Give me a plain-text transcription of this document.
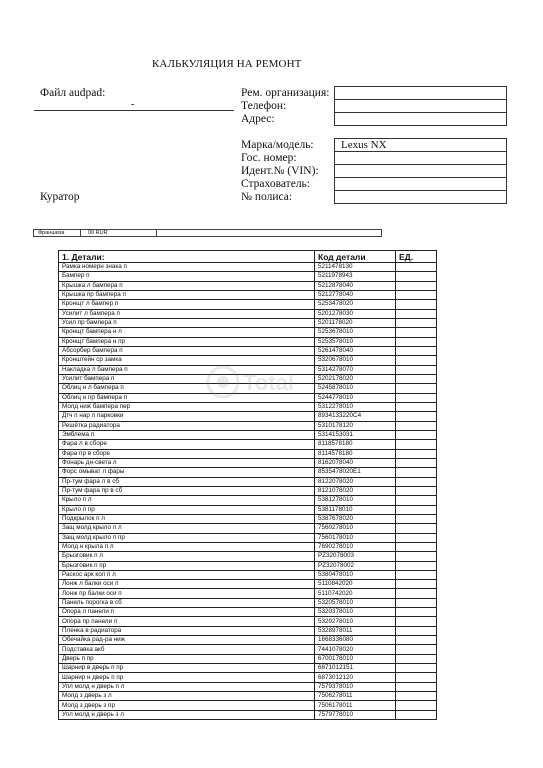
КАЛЬКУЛЯЦИЯ НА РЕМОНТ
Файл audpad:
-
Куратор
Рем. организация:
Телефон:
Адрес:
Марка/модель: Lexus NX
Гос. номер:
Идент.№ (VIN):
Страхователь:
№ полиса:
Франшиза	00 RUR
1. Детали:	Код детали	ЕД.
Рамка номерн знака п	5211478130	
Бампер п	5211978943	
Крышка л бампера п	5212878040	
Крышка пр бампера п	5212778040	
Кронщт л бампер п	5253478020	
Усилит л бампера п	5201278030	
Усил пр бампера п	5201178020	
Кронщт бампера н л	5253678010	
Кронщт бампера н пр	5253578010	
Абсорбер бампера п	5261478040	
Кронштейн ср замка	5320678010	
Накладка л бампера п	5314278070	
Усилит бампера п	5202178020	
Облиц н л бампера п	5245878010	
Облиц н пр бампера п	5244778010	
Молд ниж бампера пер	5312278010	
Дтч п нар л парковки	8934133220C4	
Решётка радиатора	5310178120	
Эмблема п	5314153031	
Фара л в сборе	8118578180	
Фара пр в сборе	8114578180	
Фонарь дн-света л	8162078040	
Форс омыват л фары	8535478020E1	
Пр-тум фара л в сб	8122078020	
Пр-тум фара пр в сб	8121078020	
Крыло п л	5381278010	
Крыло п пр	5381178010	
Подкрылок п л	5387678020	
Защ молд крыло п л	7560278010	
Защ молд крыло п пр	7560178010	
Молд н крыла п л	7690278010	
Брызговик п л	PZ32078003	
Брызговик п пр	PZ32078002	
Раскос арк кол п л	5380478010	
Лонж л балки оси п	5110842020	
Лонж пр балки оси п	5110742020	
Панель порогка в сб	5320578010	
Опора л панели п	5320378010	
Опора пр панели п	5320278010	
Пленка в радиатора	5328978011	
Обечайка рад-ра ниж	1668336080	
Подставка акб	7441078020	
Дверь п пр	6700178010	
Шарнир в дверь п пр	6871012151	
Шарнир н дверь п пр	6873012120	
Упл молд н дверь п л	7579378010	
Молд з дверь з л	7506278011	
Молд з дверь з пр	7506178011	
Упл молд н дверь з л	7579778010	
Total
